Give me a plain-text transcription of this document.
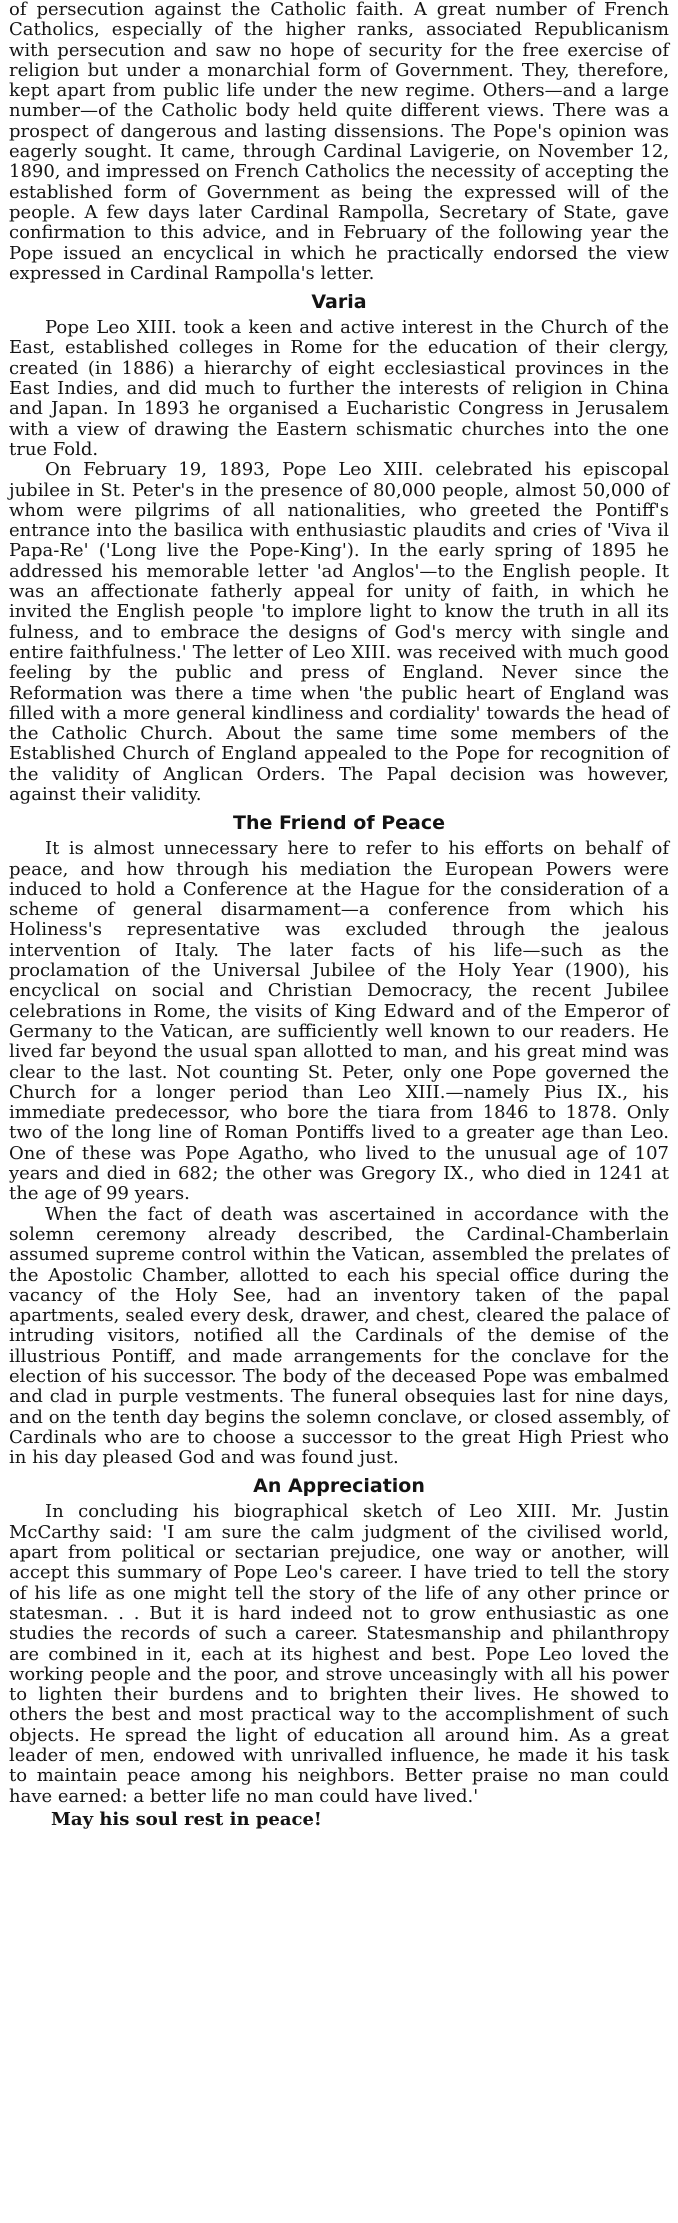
of persecution against the Catholic faith. A great number of French Catholics, especially of the higher ranks, associated Republicanism with persecution and saw no hope of security for the free exercise of religion but under a monarchial form of Government. They, therefore, kept apart from public life under the new regime. Others—and a large number—of the Catholic body held quite different views. There was a prospect of dangerous and lasting dissensions. The Pope's opinion was eagerly sought. It came, through Cardinal Lavigerie, on November 12, 1890, and impressed on French Catholics the necessity of accepting the established form of Government as being the expressed will of the people. A few days later Cardinal Rampolla, Secretary of State, gave confirmation to this advice, and in February of the following year the Pope issued an encyclical in which he practically endorsed the view expressed in Cardinal Rampolla's letter.

Varia

Pope Leo XIII. took a keen and active interest in the Church of the East, established colleges in Rome for the education of their clergy, created (in 1886) a hierarchy of eight ecclesiastical provinces in the East Indies, and did much to further the interests of religion in China and Japan. In 1893 he organised a Eucharistic Congress in Jerusalem with a view of drawing the Eastern schismatic churches into the one true Fold.

On February 19, 1893, Pope Leo XIII. celebrated his episcopal jubilee in St. Peter's in the presence of 80,000 people, almost 50,000 of whom were pilgrims of all nationalities, who greeted the Pontiff's entrance into the basilica with enthusiastic plaudits and cries of 'Viva il Papa-Re' ('Long live the Pope-King'). In the early spring of 1895 he addressed his memorable letter 'ad Anglos'—to the English people. It was an affectionate fatherly appeal for unity of faith, in which he invited the English people 'to implore light to know the truth in all its fulness, and to embrace the designs of God's mercy with single and entire faithfulness.' The letter of Leo XIII. was received with much good feeling by the public and press of England. Never since the Reformation was there a time when 'the public heart of England was filled with a more general kindliness and cordiality' towards the head of the Catholic Church. About the same time some members of the Established Church of England appealed to the Pope for recognition of the validity of Anglican Orders. The Papal decision was however, against their validity.

The Friend of Peace

It is almost unnecessary here to refer to his efforts on behalf of peace, and how through his mediation the European Powers were induced to hold a Conference at the Hague for the consideration of a scheme of general disarmament—a conference from which his Holiness's representative was excluded through the jealous intervention of Italy. The later facts of his life—such as the proclamation of the Universal Jubilee of the Holy Year (1900), his encyclical on social and Christian Democracy, the recent Jubilee celebrations in Rome, the visits of King Edward and of the Emperor of Germany to the Vatican, are sufficiently well known to our readers. He lived far beyond the usual span allotted to man, and his great mind was clear to the last. Not counting St. Peter, only one Pope governed the Church for a longer period than Leo XIII.—namely Pius IX., his immediate predecessor, who bore the tiara from 1846 to 1878. Only two of the long line of Roman Pontiffs lived to a greater age than Leo. One of these was Pope Agatho, who lived to the unusual age of 107 years and died in 682; the other was Gregory IX., who died in 1241 at the age of 99 years.

When the fact of death was ascertained in accordance with the solemn ceremony already described, the Cardinal-Chamberlain assumed supreme control within the Vatican, assembled the prelates of the Apostolic Chamber, allotted to each his special office during the vacancy of the Holy See, had an inventory taken of the papal apartments, sealed every desk, drawer, and chest, cleared the palace of intruding visitors, notified all the Cardinals of the demise of the illustrious Pontiff, and made arrangements for the conclave for the election of his successor. The body of the deceased Pope was embalmed and clad in purple vestments. The funeral obsequies last for nine days, and on the tenth day begins the solemn conclave, or closed assembly, of Cardinals who are to choose a successor to the great High Priest who in his day pleased God and was found just.

An Appreciation

In concluding his biographical sketch of Leo XIII. Mr. Justin McCarthy said: 'I am sure the calm judgment of the civilised world, apart from political or sectarian prejudice, one way or another, will accept this summary of Pope Leo's career. I have tried to tell the story of his life as one might tell the story of the life of any other prince or statesman. . . But it is hard indeed not to grow enthusiastic as one studies the records of such a career. Statesmanship and philanthropy are combined in it, each at its highest and best. Pope Leo loved the working people and the poor, and strove unceasingly with all his power to lighten their burdens and to brighten their lives. He showed to others the best and most practical way to the accomplishment of such objects. He spread the light of education all around him. As a great leader of men, endowed with unrivalled influence, he made it his task to maintain peace among his neighbors. Better praise no man could have earned: a better life no man could have lived.'

May his soul rest in peace!
